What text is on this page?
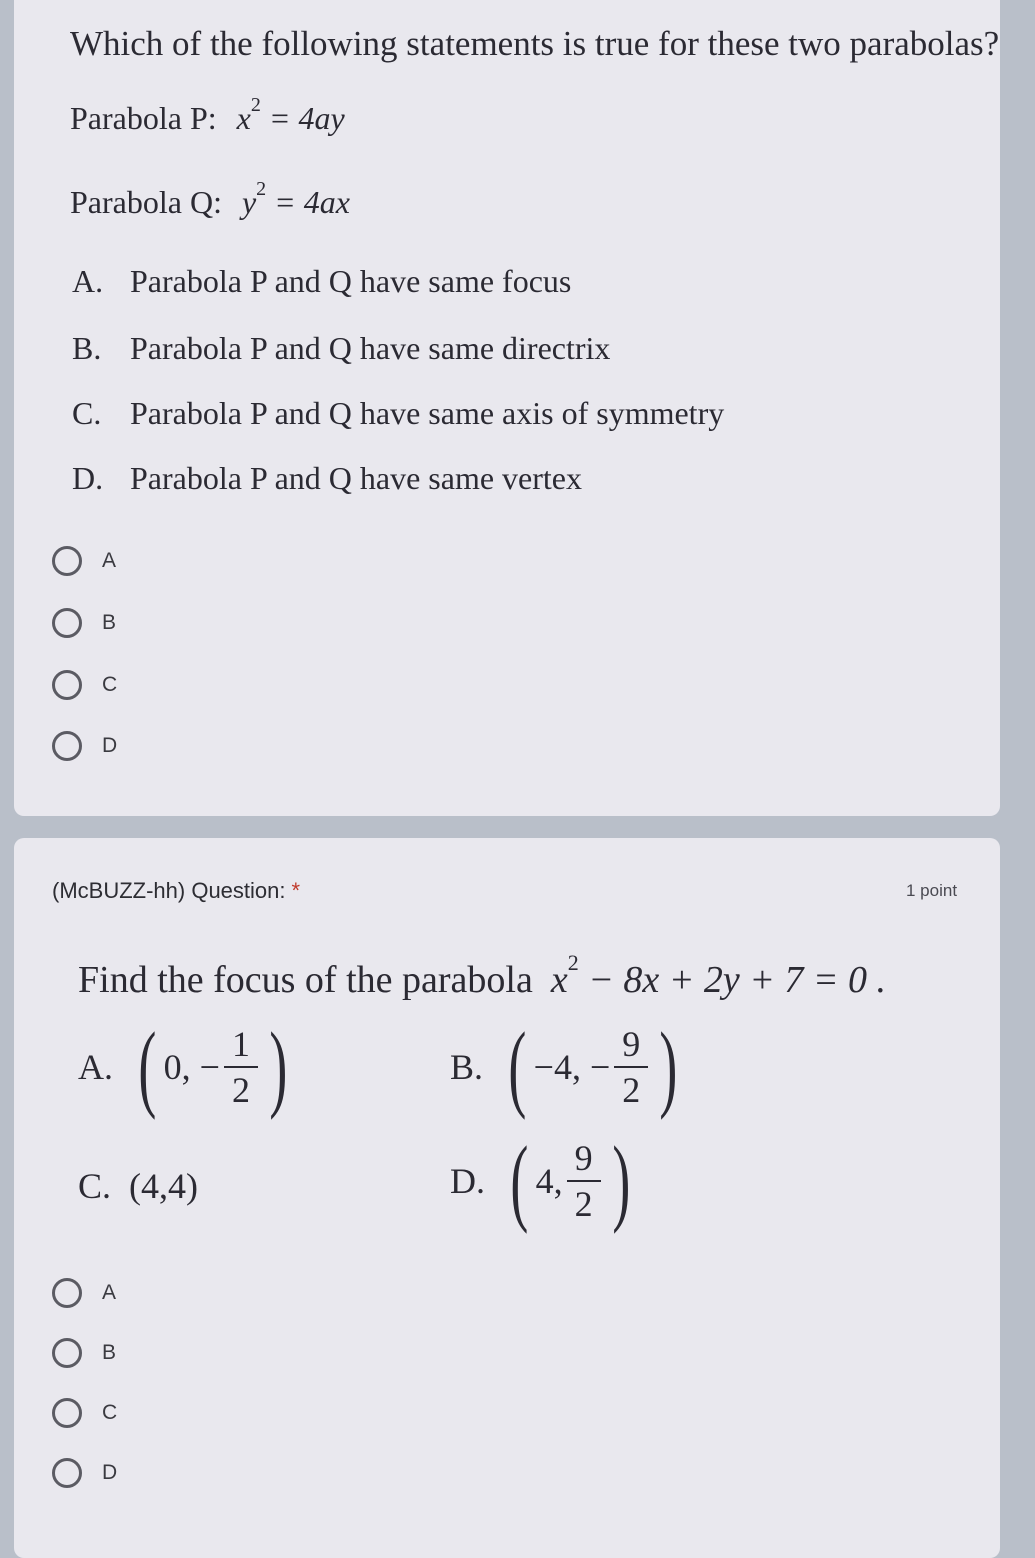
Which of the following statements is true for these two parabolas?
Parabola P: $x^2 = 4ay$
Parabola Q: $y^2 = 4ax$
A. Parabola P and Q have same focus
B. Parabola P and Q have same directrix
C. Parabola P and Q have same axis of symmetry
D. Parabola P and Q have same vertex
A
B
C
D
(McBUZZ-hh) Question: *	1 point
Find the focus of the parabola $x^2 - 8x + 2y + 7 = 0$ .
A. ( 0, − $\frac{1}{2}$ )	B. ( −4, − $\frac{9}{2}$ )
C. (4,4)	D. ( 4, $\frac{9}{2}$ )
A
B
C
D
